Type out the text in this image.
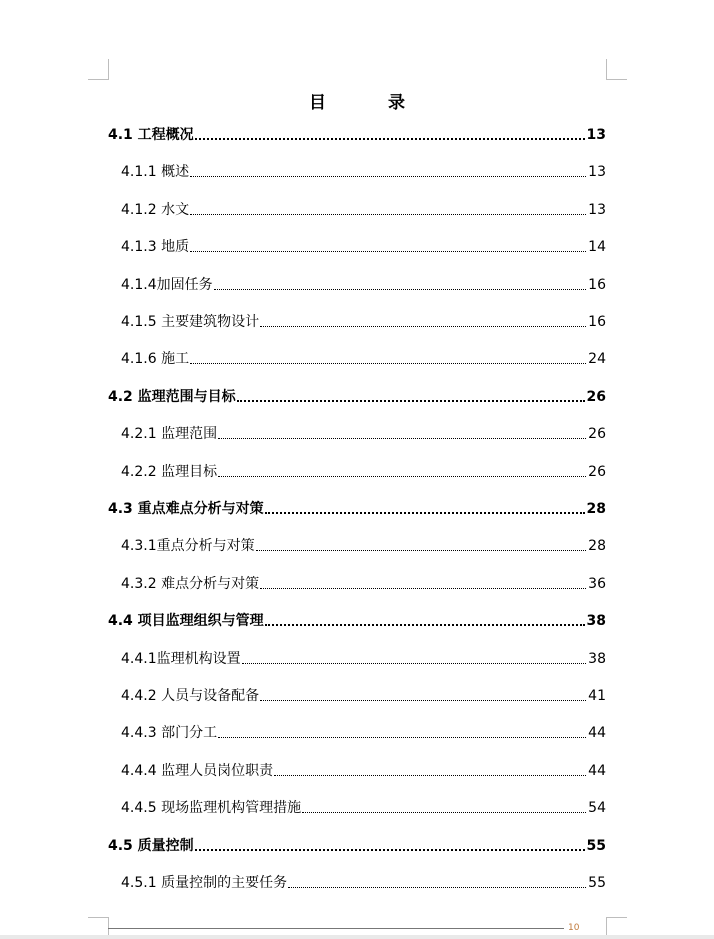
目 录
4.1 工程概况	13
4.1.1 概述	13
4.1.2 水文	13
4.1.3 地质	14
4.1.4加固任务	16
4.1.5 主要建筑物设计	16
4.1.6 施工	24
4.2 监理范围与目标	26
4.2.1 监理范围	26
4.2.2 监理目标	26
4.3 重点难点分析与对策	28
4.3.1重点分析与对策	28
4.3.2 难点分析与对策	36
4.4 项目监理组织与管理	38
4.4.1监理机构设置	38
4.4.2 人员与设备配备	41
4.4.3 部门分工	44
4.4.4 监理人员岗位职责	44
4.4.5 现场监理机构管理措施	54
4.5 质量控制	55
4.5.1 质量控制的主要任务	55
10
